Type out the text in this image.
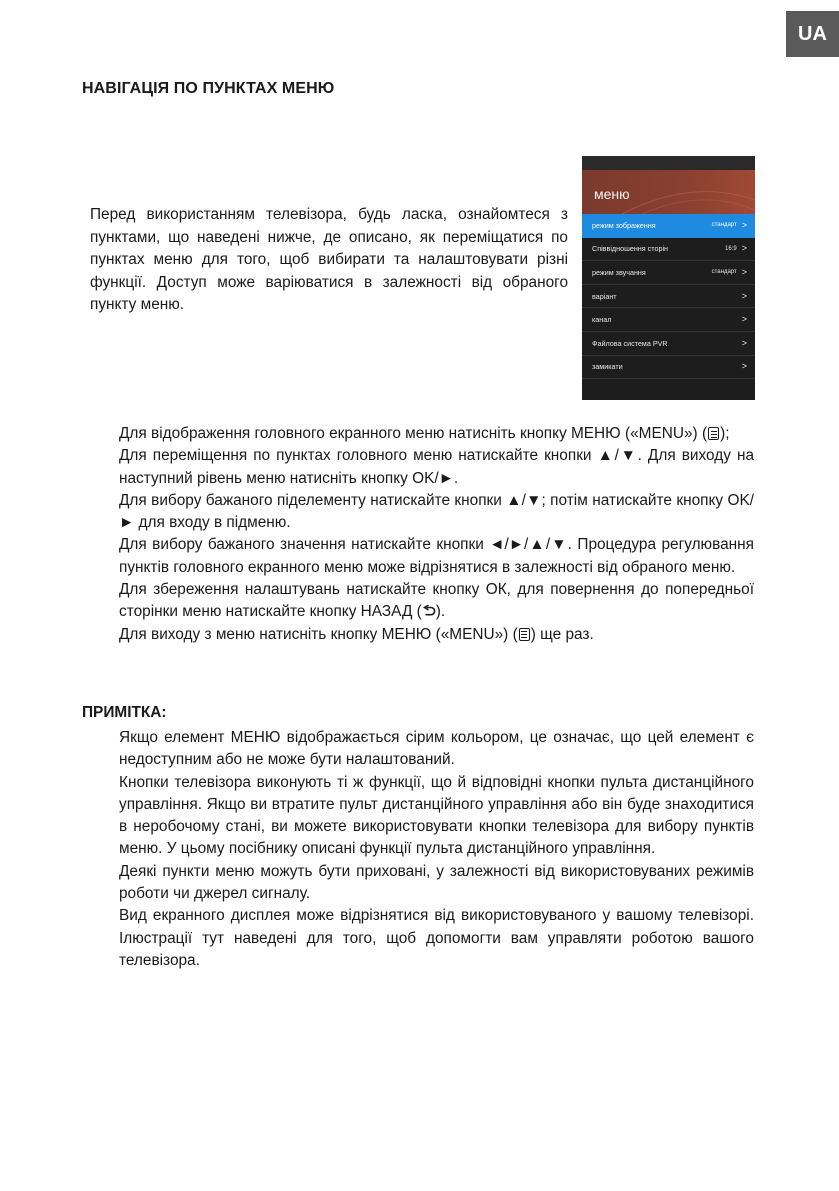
UA
НАВІГАЦІЯ ПО ПУНКТАХ МЕНЮ

Перед використанням телевізора, будь ласка, ознайомтеся з пунктами, що наведені нижче, де описано, як переміщатися по пунктах меню для того, щоб вибирати та налаштовувати різні функції. Доступ може варіюватися в залежності від обраного пункту меню.

меню
режим зображення	стандарт >
Співвідношення сторін	16:9 >
режим звучання	стандарт >
варіант	>
канал	>
Файлова система PVR	>
замикати	>
Для відображення головного екранного меню натисніть кнопку МЕНЮ («MENU») ( );
Для переміщення по пунктах головного меню натискайте кнопки ▲/▼. Для виходу на наступний рівень меню натисніть кнопку OK/►.
Для вибору бажаного піделементу натискайте кнопки ▲/▼; потім натискайте кнопку OK/► для входу в підменю.
Для вибору бажаного значення натискайте кнопки ◄/►/▲/▼. Процедура регулювання пунктів головного екранного меню може відрізнятися в залежності від обраного меню.
Для збереження налаштувань натискайте кнопку ОК, для повернення до попередньої сторінки меню натискайте кнопку НАЗАД ( ).
Для виходу з меню натисніть кнопку МЕНЮ («MENU») ( ) ще раз.
ПРИМІТКА:
Якщо елемент МЕНЮ відображається сірим кольором, це означає, що цей елемент є недоступним або не може бути налаштований.
Кнопки телевізора виконують ті ж функції, що й відповідні кнопки пульта дистанційного управління. Якщо ви втратите пульт дистанційного управління або він буде знаходитися в неробочому стані, ви можете використовувати кнопки телевізора для вибору пунктів меню. У цьому посібнику описані функції пульта дистанційного управління.
Деякі пункти меню можуть бути приховані, у залежності від використовуваних режимів роботи чи джерел сигналу.
Вид екранного дисплея може відрізнятися від використовуваного у вашому телевізорі. Ілюстрації тут наведені для того, щоб допомогти вам управляти роботою вашого телевізора.
